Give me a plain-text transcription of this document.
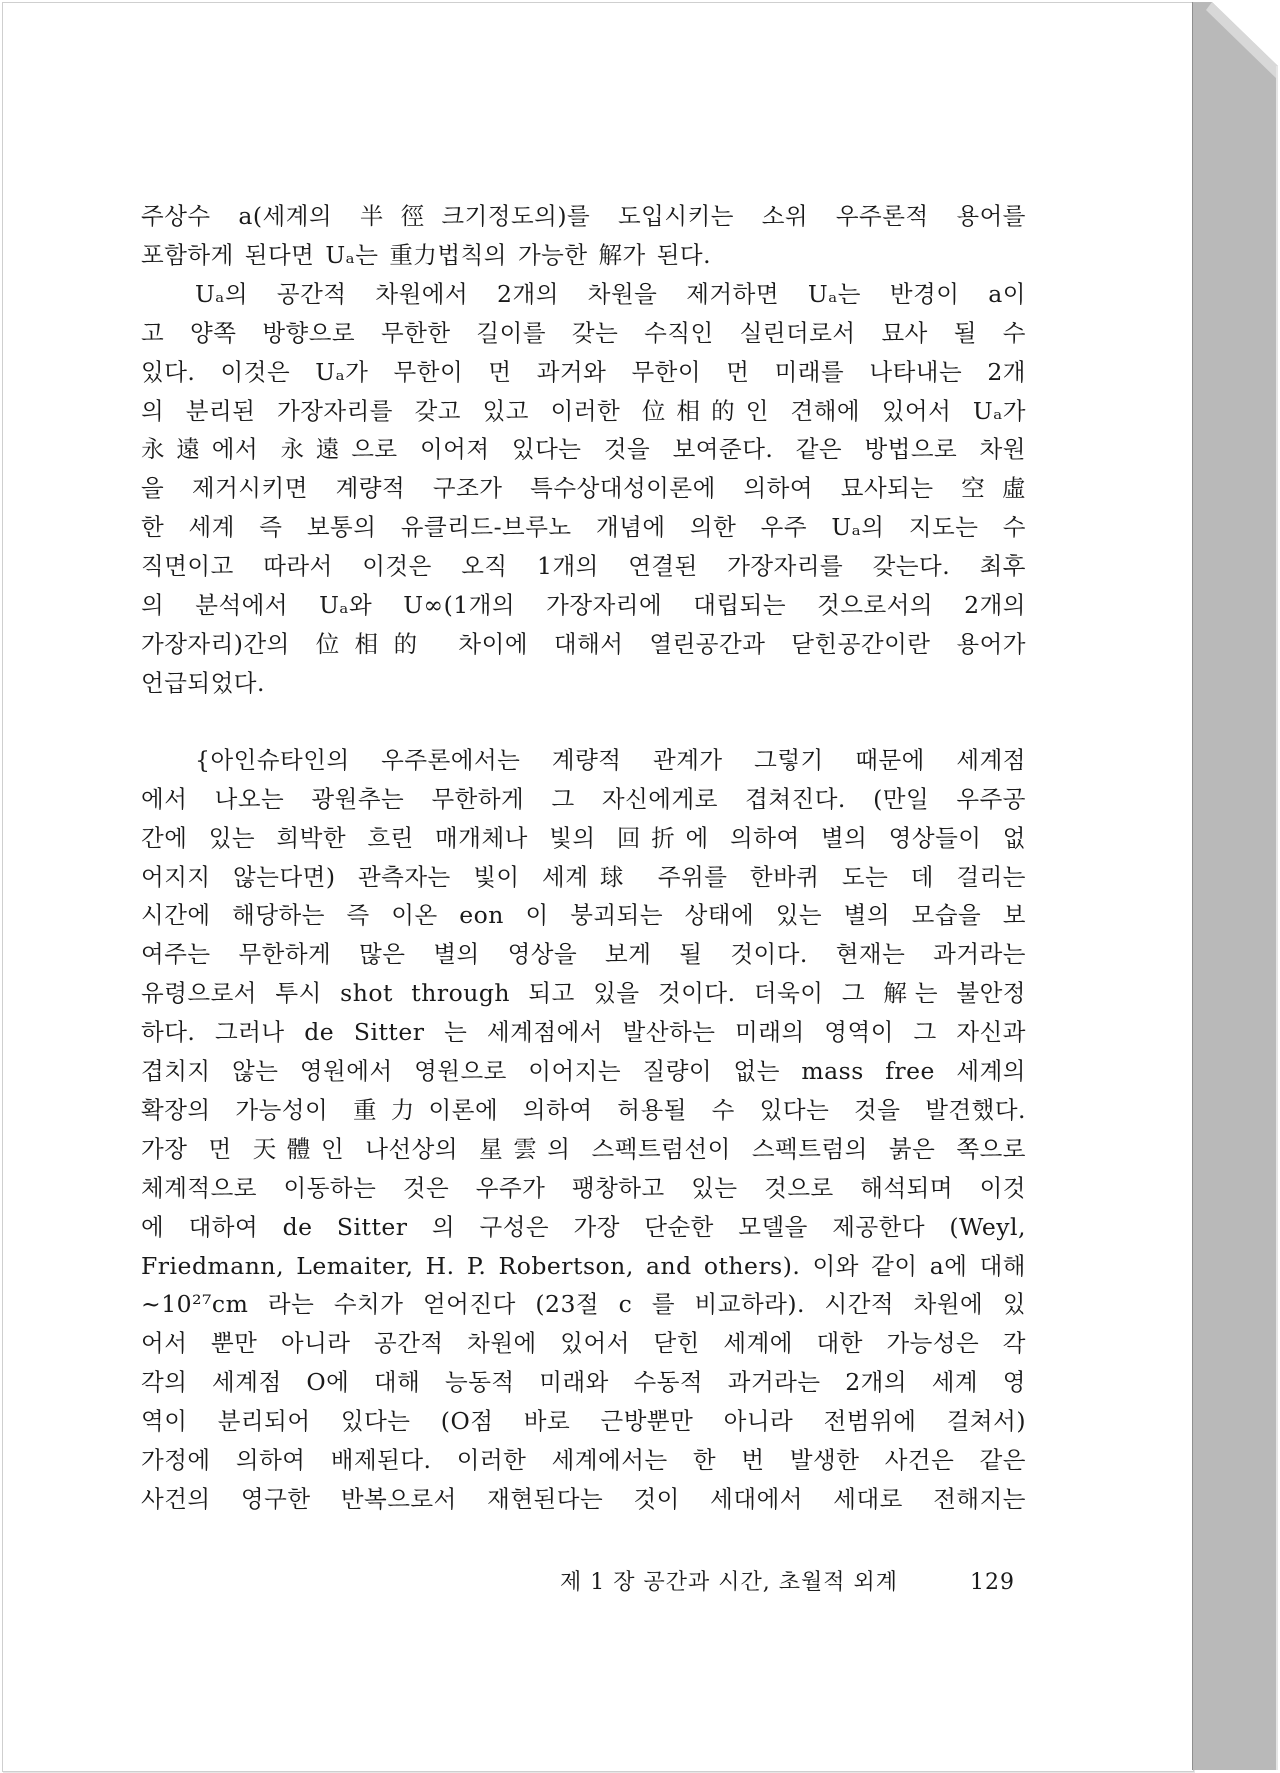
주상수 a(세계의 半徑크기정도의)를 도입시키는 소위 우주론적 용어를
포함하게 된다면 Uₐ는 重力법칙의 가능한 解가 된다.
Uₐ의 공간적 차원에서 2개의 차원을 제거하면 Uₐ는 반경이 a이
고 양쪽 방향으로 무한한 길이를 갖는 수직인 실린더로서 묘사 될 수
있다. 이것은 Uₐ가 무한이 먼 과거와 무한이 먼 미래를 나타내는 2개
의 분리된 가장자리를 갖고 있고 이러한 位相的인 견해에 있어서 Uₐ가
永遠에서 永遠으로 이어져 있다는 것을 보여준다. 같은 방법으로 차원
을 제거시키면 계량적 구조가 특수상대성이론에 의하여 묘사되는 空虛
한 세계 즉 보통의 유클리드-브루노 개념에 의한 우주 Uₐ의 지도는 수
직면이고 따라서 이것은 오직 1개의 연결된 가장자리를 갖는다. 최후
의 분석에서 Uₐ와 U∞(1개의 가장자리에 대립되는 것으로서의 2개의
가장자리)간의 位相的 차이에 대해서 열린공간과 닫힌공간이란 용어가
언급되었다.
{아인슈타인의 우주론에서는 계량적 관계가 그렇기 때문에 세계점
에서 나오는 광원추는 무한하게 그 자신에게로 겹쳐진다. (만일 우주공
간에 있는 희박한 흐린 매개체나 빛의 回折에 의하여 별의 영상들이 없
어지지 않는다면) 관측자는 빛이 세계球 주위를 한바퀴 도는 데 걸리는
시간에 해당하는 즉 이온 eon 이 붕괴되는 상태에 있는 별의 모습을 보
여주는 무한하게 많은 별의 영상을 보게 될 것이다. 현재는 과거라는
유령으로서 투시 shot through 되고 있을 것이다. 더욱이 그 解는 불안정
하다. 그러나 de Sitter 는 세계점에서 발산하는 미래의 영역이 그 자신과
겹치지 않는 영원에서 영원으로 이어지는 질량이 없는 mass free 세계의
확장의 가능성이 重力이론에 의하여 허용될 수 있다는 것을 발견했다.
가장 먼 天體인 나선상의 星雲의 스펙트럼선이 스펙트럼의 붉은 쪽으로
체계적으로 이동하는 것은 우주가 팽창하고 있는 것으로 해석되며 이것
에 대하여 de Sitter 의 구성은 가장 단순한 모델을 제공한다 (Weyl,
Friedmann, Lemaiter, H. P. Robertson, and others). 이와 같이 a에 대해
~10²⁷cm 라는 수치가 얻어진다 (23절 c 를 비교하라). 시간적 차원에 있
어서 뿐만 아니라 공간적 차원에 있어서 닫힌 세계에 대한 가능성은 각
각의 세계점 O에 대해 능동적 미래와 수동적 과거라는 2개의 세계 영
역이 분리되어 있다는 (O점 바로 근방뿐만 아니라 전범위에 걸쳐서)
가정에 의하여 배제된다. 이러한 세계에서는 한 번 발생한 사건은 같은
사건의 영구한 반복으로서 재현된다는 것이 세대에서 세대로 전해지는
제 1 장 공간과 시간, 초월적 외계	129
